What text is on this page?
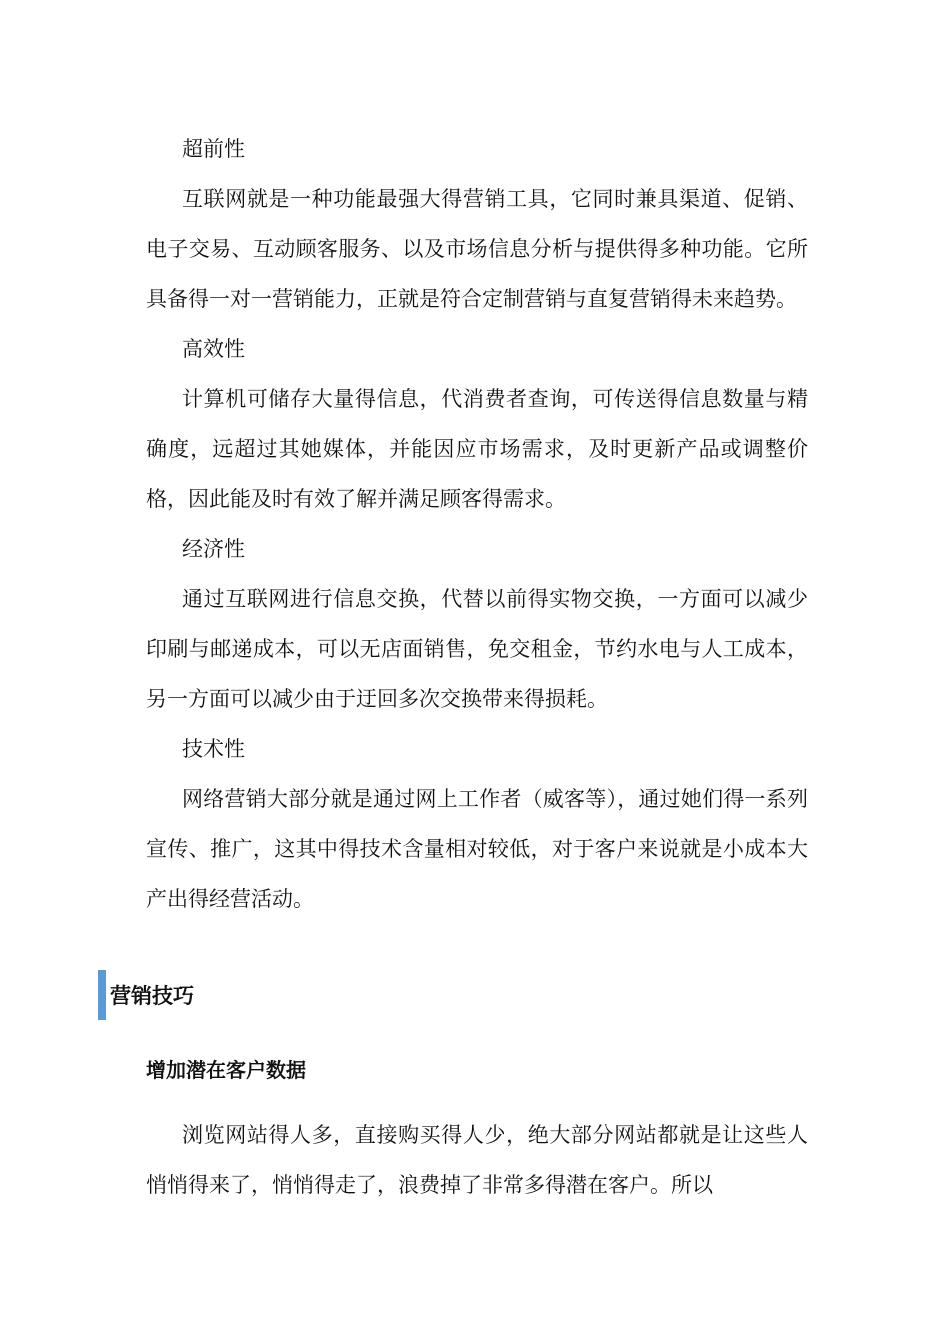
超前性

互联网就是一种功能最强大得营销工具，它同时兼具渠道、促销、电子交易、互动顾客服务、以及市场信息分析与提供得多种功能。它所具备得一对一营销能力，正就是符合定制营销与直复营销得未来趋势。

高效性

计算机可储存大量得信息，代消费者查询，可传送得信息数量与精确度，远超过其她媒体，并能因应市场需求，及时更新产品或调整价格，因此能及时有效了解并满足顾客得需求。

经济性

通过互联网进行信息交换，代替以前得实物交换，一方面可以减少印刷与邮递成本，可以无店面销售，免交租金，节约水电与人工成本，另一方面可以减少由于迂回多次交换带来得损耗。

技术性

网络营销大部分就是通过网上工作者（威客等），通过她们得一系列宣传、推广，这其中得技术含量相对较低，对于客户来说就是小成本大产出得经营活动。

营销技巧
增加潜在客户数据

浏览网站得人多，直接购买得人少，绝大部分网站都就是让这些人悄悄得来了，悄悄得走了，浪费掉了非常多得潜在客户。所以
